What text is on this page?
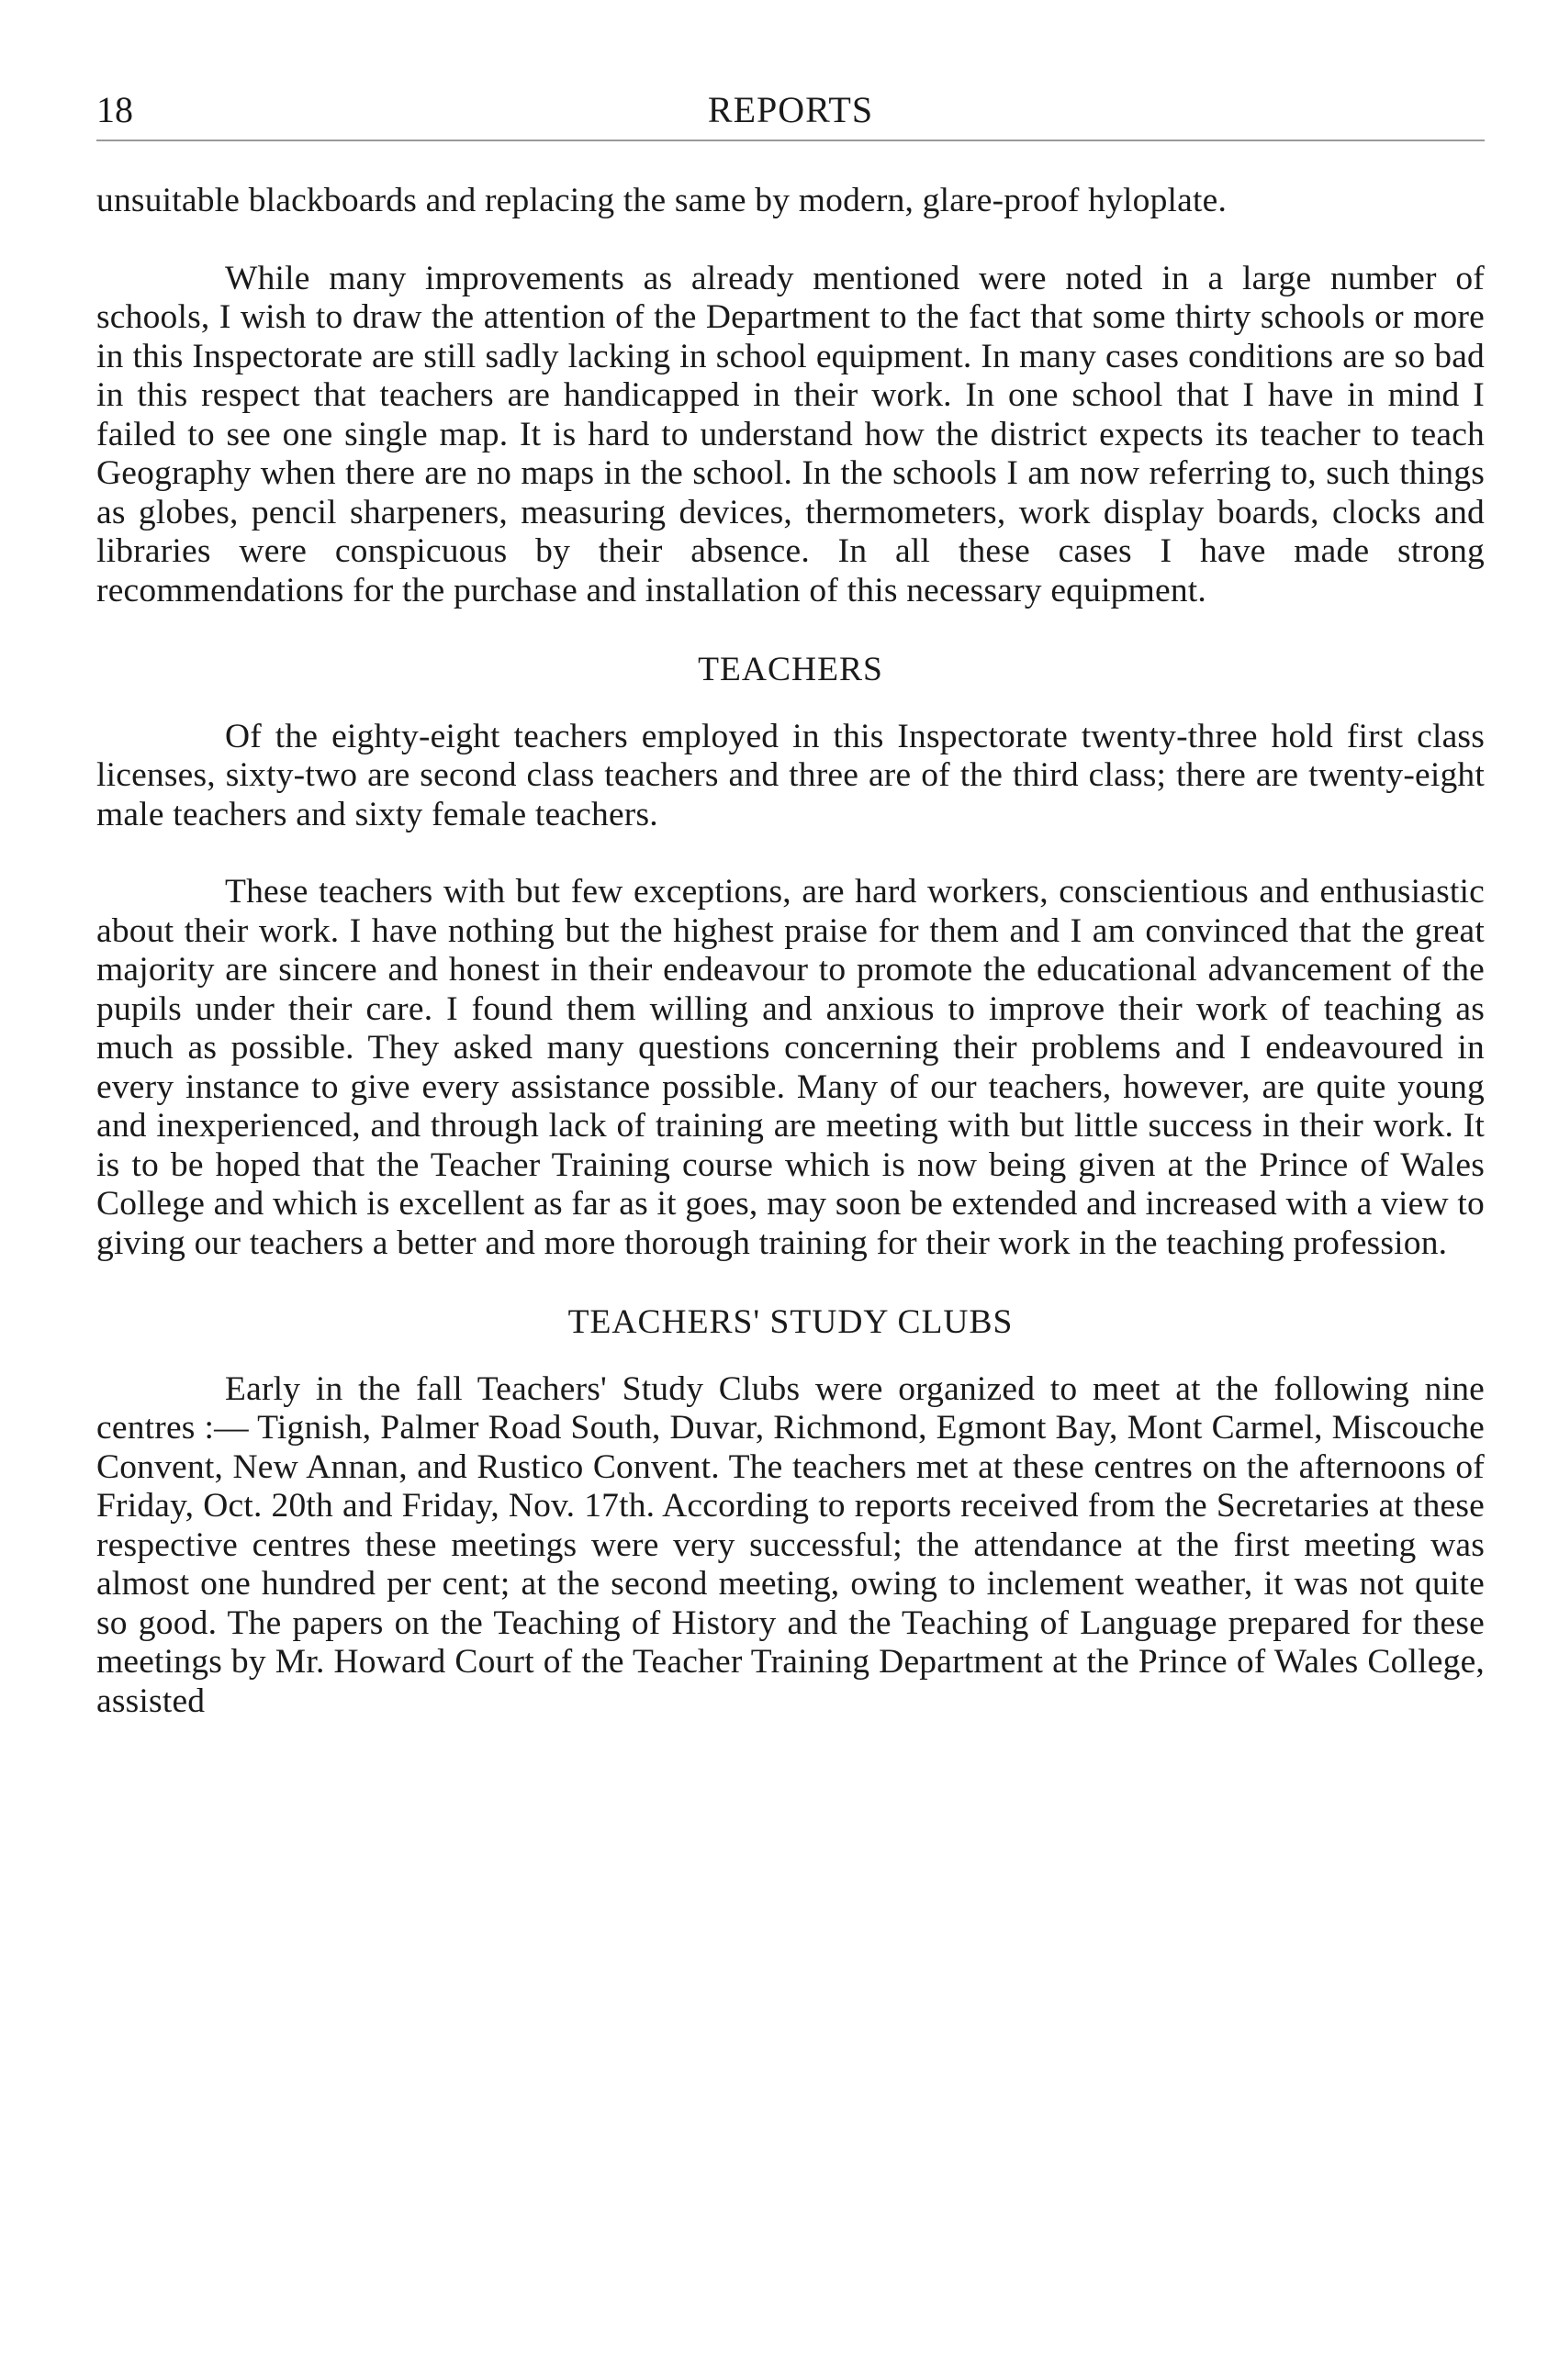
18	REPORTS

unsuitable blackboards and replacing the same by modern, glare-proof hyloplate.

While many improvements as already mentioned were noted in a large number of schools, I wish to draw the attention of the Department to the fact that some thirty schools or more in this Inspectorate are still sadly lacking in school equipment. In many cases conditions are so bad in this respect that teachers are handicapped in their work. In one school that I have in mind I failed to see one single map. It is hard to understand how the district expects its teacher to teach Geography when there are no maps in the school. In the schools I am now referring to, such things as globes, pencil sharpeners, measuring devices, thermometers, work display boards, clocks and libraries were conspicuous by their absence. In all these cases I have made strong recommendations for the purchase and installation of this necessary equipment.

TEACHERS

Of the eighty-eight teachers employed in this Inspectorate twenty-three hold first class licenses, sixty-two are second class teachers and three are of the third class; there are twenty-eight male teachers and sixty female teachers.

These teachers with but few exceptions, are hard workers, conscientious and enthusiastic about their work. I have nothing but the highest praise for them and I am convinced that the great majority are sincere and honest in their endeavour to promote the educational advancement of the pupils under their care. I found them willing and anxious to improve their work of teaching as much as possible. They asked many questions concerning their problems and I endeavoured in every instance to give every assistance possible. Many of our teachers, however, are quite young and inexperienced, and through lack of training are meeting with but little success in their work. It is to be hoped that the Teacher Training course which is now being given at the Prince of Wales College and which is excellent as far as it goes, may soon be extended and increased with a view to giving our teachers a better and more thorough training for their work in the teaching profession.

TEACHERS' STUDY CLUBS

Early in the fall Teachers' Study Clubs were organized to meet at the following nine centres :— Tignish, Palmer Road South, Duvar, Richmond, Egmont Bay, Mont Carmel, Miscouche Convent, New Annan, and Rustico Convent. The teachers met at these centres on the afternoons of Friday, Oct. 20th and Friday, Nov. 17th. According to reports received from the Secretaries at these respective centres these meetings were very successful; the attendance at the first meeting was almost one hundred per cent; at the second meeting, owing to inclement weather, it was not quite so good. The papers on the Teaching of History and the Teaching of Language prepared for these meetings by Mr. Howard Court of the Teacher Training Department at the Prince of Wales College, assisted
